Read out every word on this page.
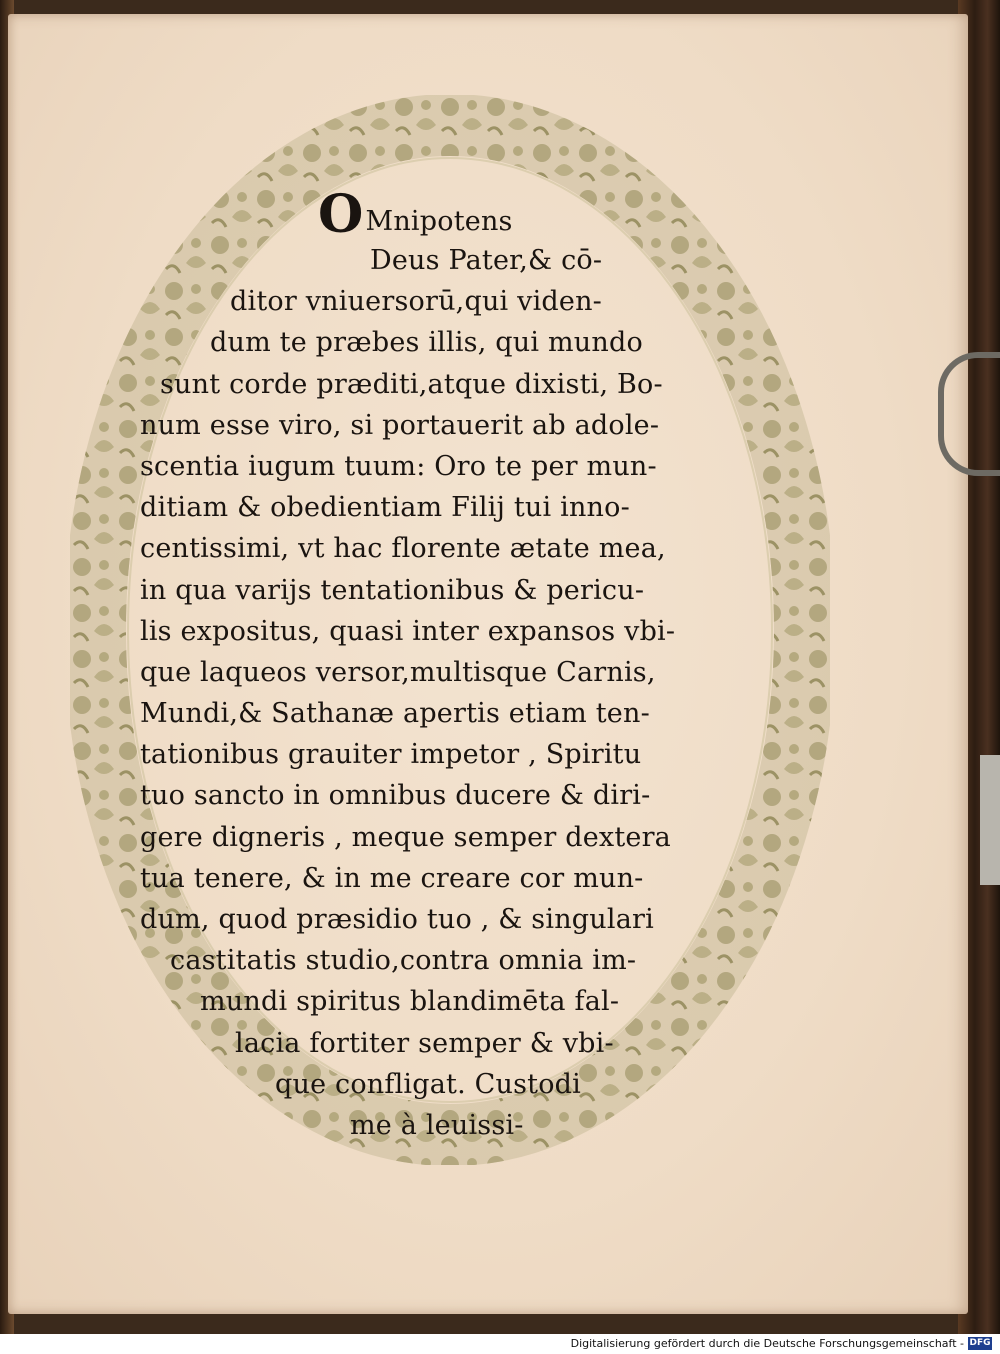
O Mnipotens
Deus Pater,& cō-
ditor vniuersorū,qui viden-
dum te præbes illis, qui mundo
sunt corde præditi,atque dixisti, Bo-
num esse viro, si portauerit ab adole-
scentia iugum tuum: Oro te per mun-
ditiam & obedientiam Filij tui inno-
centissimi, vt hac florente ætate mea,
in qua varijs tentationibus & pericu-
lis expositus, quasi inter expansos vbi-
que laqueos versor,multisque Carnis,
Mundi,& Sathanæ apertis etiam ten-
tationibus grauiter impetor , Spiritu
tuo sancto in omnibus ducere & diri-
gere digneris , meque semper dextera
tua tenere, & in me creare cor mun-
dum, quod præsidio tuo , & singulari
castitatis studio,contra omnia im-
mundi spiritus blandimēta fal-
lacia fortiter semper & vbi-
que confligat. Custodi
me à leuissi-
Digitalisierung gefördert durch die Deutsche Forschungsgemeinschaft - DFG
